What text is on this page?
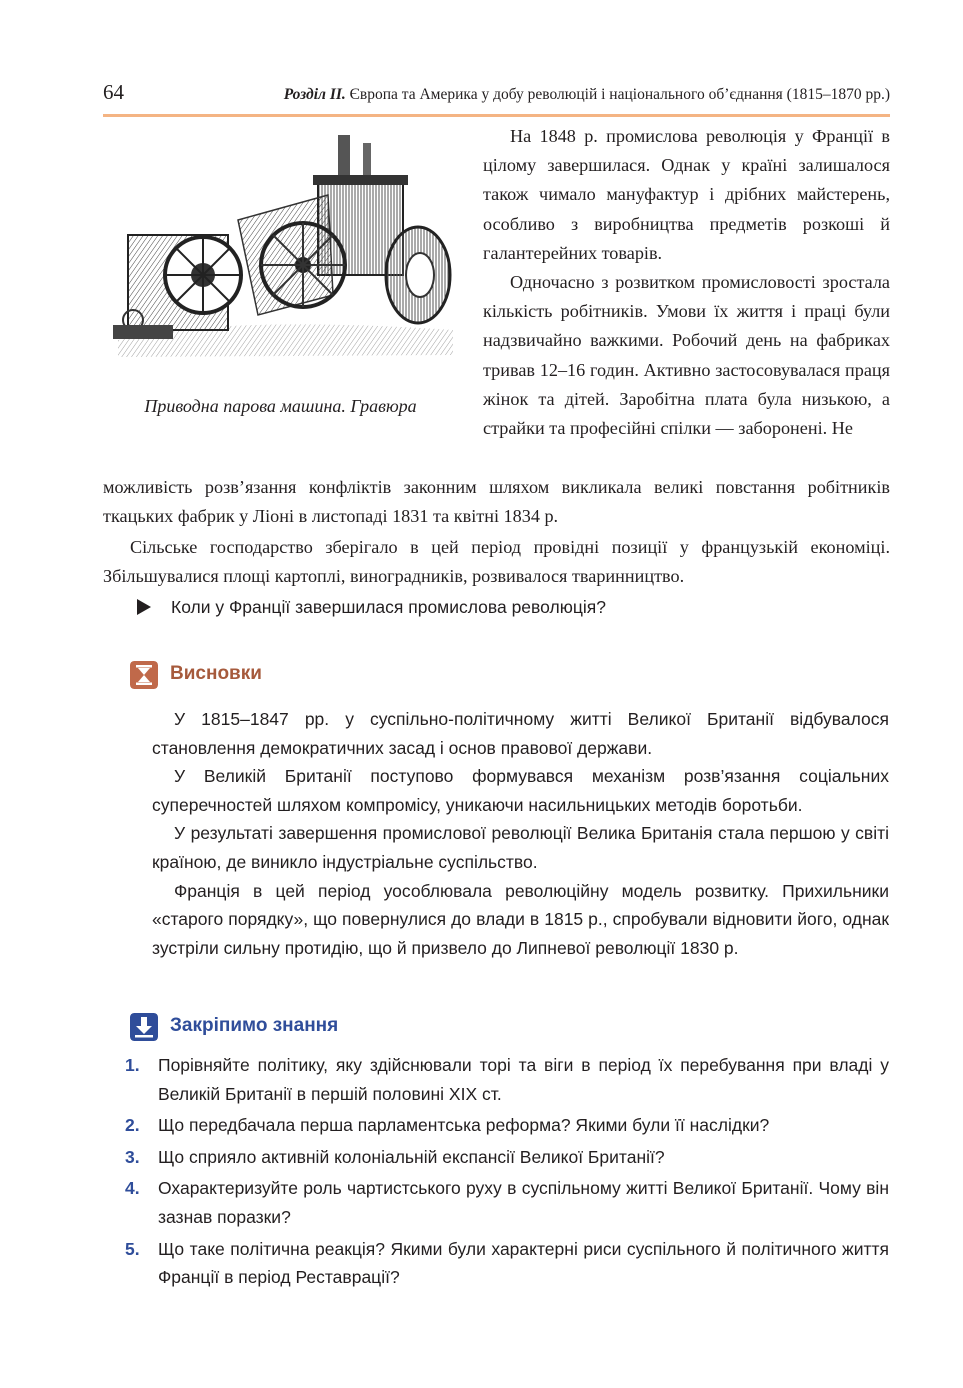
64	Розділ ІІ. Європа та Америка у добу революцій і національного об’єднання (1815–1870 рр.)
Приводна парова машина. Гравюра

На 1848 р. промислова революція у Франції в цілому завершилася. Однак у країні залишалося також чимало мануфактур і дрібних майстерень, особливо з виробництва предметів розкоші й галантерейних товарів.

Одночасно з розвитком промисловості зростала кількість робітників. Умови їх життя і праці були надзвичайно важкими. Робочий день на фабриках тривав 12–16 годин. Активно застосовувалася праця жінок та дітей. Заробітна плата була низькою, а страйки та професійні спілки — заборонені. Не

можливість розв’язання конфліктів законним шляхом викликала великі повстання робітників ткацьких фабрик у Ліоні в листопаді 1831 та квітні 1834 р.

Сільське господарство зберігало в цей період провідні позиції у французькій економіці. Збільшувалися площі картоплі, виноградників, розвивалося тваринництво.

Коли у Франції завершилася промислова революція?
Висновки

У 1815–1847 рр. у суспільно-політичному житті Великої Британії відбувалося становлення демократичних засад і основ правової держави.

У Великій Британії поступово формувався механізм розв’язання соціальних суперечностей шляхом компромісу, уникаючи насильницьких методів боротьби.

У результаті завершення промислової революції Велика Британія стала першою у світі країною, де виникло індустріальне суспільство.

Франція в цей період уособлювала революційну модель розвитку. Прихильники «старого порядку», що повернулися до влади в 1815 р., спробували відновити його, однак зустріли сильну протидію, що й призвело до Липневої революції 1830 р.

Закріпимо знання
1. Порівняйте політику, яку здійснювали торі та віги в період їх перебування при владі у Великій Британії в першій половині ХІХ ст.
2. Що передбачала перша парламентська реформа? Якими були її наслідки?
3. Що сприяло активній колоніальній експансії Великої Британії?
4. Охарактеризуйте роль чартистського руху в суспільному житті Великої Британії. Чому він зазнав поразки?
5. Що таке політична реакція? Якими були характерні риси суспільного й політичного життя Франції в період Реставрації?
